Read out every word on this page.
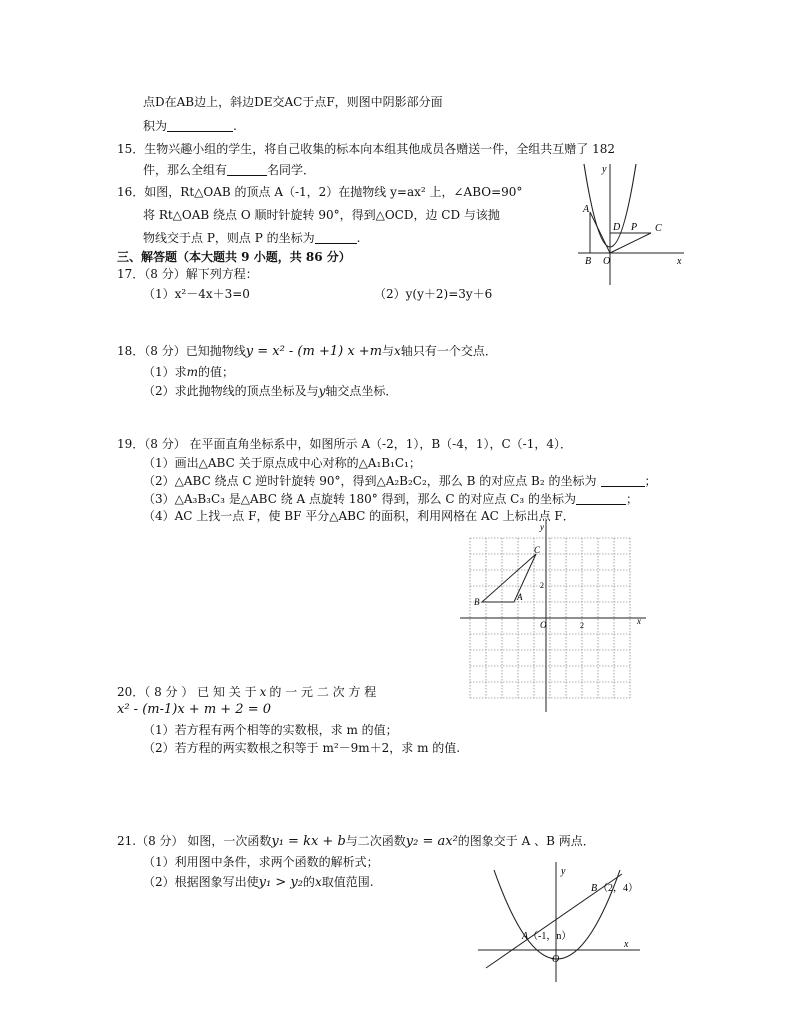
点D在AB边上，斜边DE交AC于点F，则图中阴影部分面
积为	.
15．生物兴趣小组的学生，将自己收集的标本向本组其他成员各赠送一件，全组共互赠了 182
件，那么全组有	名同学．
16．如图，Rt△OAB 的顶点 A（-1，2）在抛物线 y=ax² 上，∠ABO=90°
将 Rt△OAB 绕点 O 顺时针旋转 90°，得到△OCD，边 CD 与该抛
物线交于点 P，则点 P 的坐标为	.
A
B O
D P C
x
y
三、解答题（本大题共 9 小题，共 86 分）
17．（8 分）解下列方程：
（1）x²－4x＋3=0	（2）y(y＋2)=3y＋6
18．（8 分）已知抛物线y = x² - (m +1) x +m与x轴只有一个交点．
（1）求m的值；
（2）求此抛物线的顶点坐标及与y轴交点坐标．
19．（8 分） 在平面直角坐标系中，如图所示 A（-2，1），B（-4，1），C（-1，4）．
（1）画出△ABC 关于原点成中心对称的△A₁B₁C₁；
（2）△ABC 绕点 C 逆时针旋转 90°，得到△A₂B₂C₂，那么 B 的对应点 B₂ 的坐标为	；
（3）△A₃B₃C₃ 是△ABC 绕 A 点旋转 180° 得到，那么 C 的对应点 C₃ 的坐标为	；
（4）AC 上找一点 F，使 BF 平分△ABC 的面积，利用网格在 AC 上标出点 F．
B	A
C
O	2
2
x
y
20．（ 8 分 ） 已 知 关 于 x 的 一 元 二 次 方 程
x² - (m-1)x + m + 2 = 0
（1）若方程有两个相等的实数根，求 m 的值；
（2）若方程的两实数根之积等于 m²－9m＋2，求 m 的值.
21.（8 分） 如图，一次函数y₁ = kx + b与二次函数y₂ = ax²的图象交于 A 、B 两点．
（1）利用图中条件，求两个函数的解析式；
（2）根据图象写出使y₁ > y₂的x取值范围.
A （-1，n）
B （2，4）
O
x
y
